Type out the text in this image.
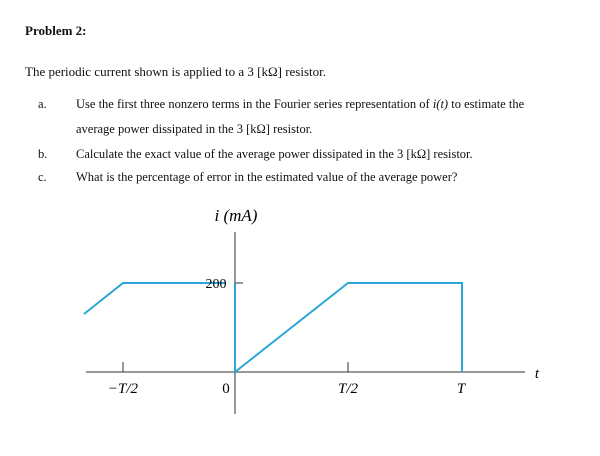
Problem 2:
The periodic current shown is applied to a 3 [kΩ] resistor.
a. Use the first three nonzero terms in the Fourier series representation of i(t) to estimate the
average power dissipated in the 3 [kΩ] resistor.
b. Calculate the exact value of the average power dissipated in the 3 [kΩ] resistor.
c. What is the percentage of error in the estimated value of the average power?
i (mA)
200
−T/2	0	T/2	T
t
